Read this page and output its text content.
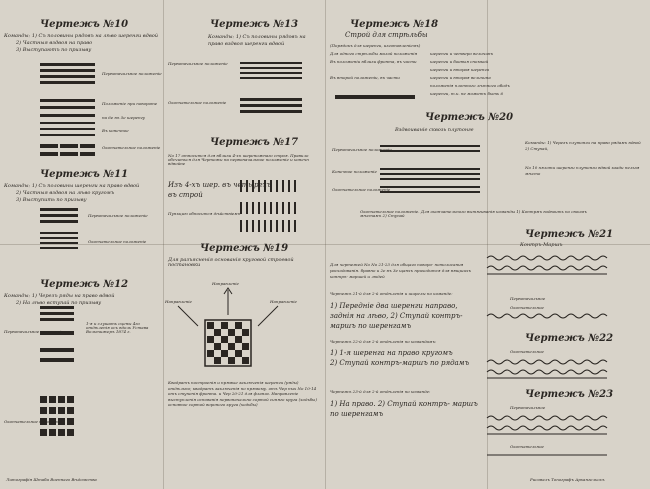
Чертежъ №10
Чертежъ №11
Чертежъ №12
Чертежъ №13
Чертежъ №17
Чертежъ №19
Чертежъ №18
Чертежъ №20
Чертежъ №21
Чертежъ №22
Чертежъ №23
Командыː 1) Съ половины рядовъ на лѣво шеренги вдвой
2) Частныя вздвоя на право
3) Выступаютъ по призыву
Первоначальное положеніе
Положеніе при повороте
на 6е въ 5е шеренгу
Въ конечное
Окончательное положеніе
Командыː 1) Съ половины шеренги на право вдвой
2) Частныя вздвоя на лѣво кругомъ
3) Выступить по призыву
Первоначальное положеніе
Окончательное положеніе
Командыː 1) Черезъ ряды на право вдвой
2) На лѣво вступай по призыву
Первоначальное положеніе
Окончательное положеніе
1-я и слушать сцены 4го отдѣленія ось вдоль Устава Вольтижеръ 1874 г.
Командыː 1) Съ половины рядовъ на
право вздвоя шеренги вдвой
Первоначальное положеніе
Окончательное положеніе
Nо 17 относится для вблизи 4-хъ шереножнаго строя. Правило обсчиться для Чертежи на первоначальное положеніе и конечн вдвойне
Изъ 4-хъ шер. въ четырехъ
въ строй
Пункцию обносится дѣйствіемъ
Для разъясненія основанія круговой строевой постановки
Направленіе
Направленіе	Направленіе
Квадратъ построенія и прямые заключенія шеренги (ряды) отдѣльно; квадратъ заключенія по прямому. отъ Чер ных Nо 10-14 отъ ступенія фронта. и Чер 20-21 для фланга. Направленіе выступленія основанія первоначально сортой синяго круга (ходьбы) основное сортой вороного круга (ходьбы)
Строй для стрѣльбы
(Порядокъ для шеренги, изготовленіемъ)
Для одного стрѣльбы малой положенія
Въ положеніи вблизи фронта, въ части
Въ второй положеніи, въ части
шеренги и четверо величинъ
шеренги и боевыя сномкой
шеренги и вторая шеренга
шеренги и вторая величина
положенія плотного лѣтного ободъ
шеренги, т.к. не можетъ быть 6
Вздвоиваніе сквозь плутонге
Первоначальное положеніе
Конечное положеніе
Окончательное положеніе
Окончательное положеніе. Для окончательного вытягиванія команды 1) Контрмъ вздвоить по своимъ мѣстамъ 2) Ступай
Командыː 1) Черезъ плутонги на право рядамъ вдвой 2) Ступай,
Nо 10 пялоти шеренги плутонги вдвой кзади нельзя мѣсто
Контръ-Маршъ
Первоначальное
Окончательное
Окончательное
Первоначальное
Окончательное
Для чертежей Nо Nо 21-23 для общаго поворо- нотолисания расходованія. бравно и 2е въ 3е щанхъ приходится для вящшихъ контръ- маршей и людей
Чертежъ 21-й для 2-й отдѣленія и ширелы по команде:
1) Передніе два шеренги направо, заднія на лѣво, 2) Ступай контръ- маршъ по шеренгамъ
Чертежъ 22-й для 2-й отдѣленія по командамъ:
1) 1-я шеренга на право кругомъ
2) Ступай контръ-маршъ по рядамъ
Чертежъ 23-й для 2-й отдѣленія по команде:
1) На право. 2) Ступай контръ- маршъ по шеренгамъ
Литографія Штаба Военнаго Вѣдомства	Рисовалъ Топографъ Архангельскъ
